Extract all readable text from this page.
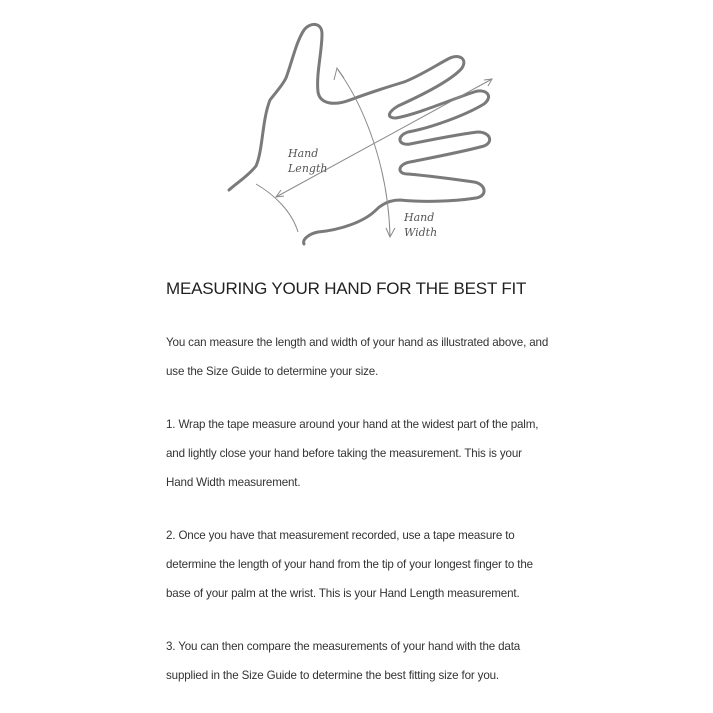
Hand
Length
Hand
Width
MEASURING YOUR HAND FOR THE BEST FIT

You can measure the length and width of your hand as illustrated above, and
use the Size Guide to determine your size.

1. Wrap the tape measure around your hand at the widest part of the palm,
and lightly close your hand before taking the measurement. This is your
Hand Width measurement.

2. Once you have that measurement recorded, use a tape measure to
determine the length of your hand from the tip of your longest finger to the
base of your palm at the wrist. This is your Hand Length measurement.

3. You can then compare the measurements of your hand with the data
supplied in the Size Guide to determine the best fitting size for you.
